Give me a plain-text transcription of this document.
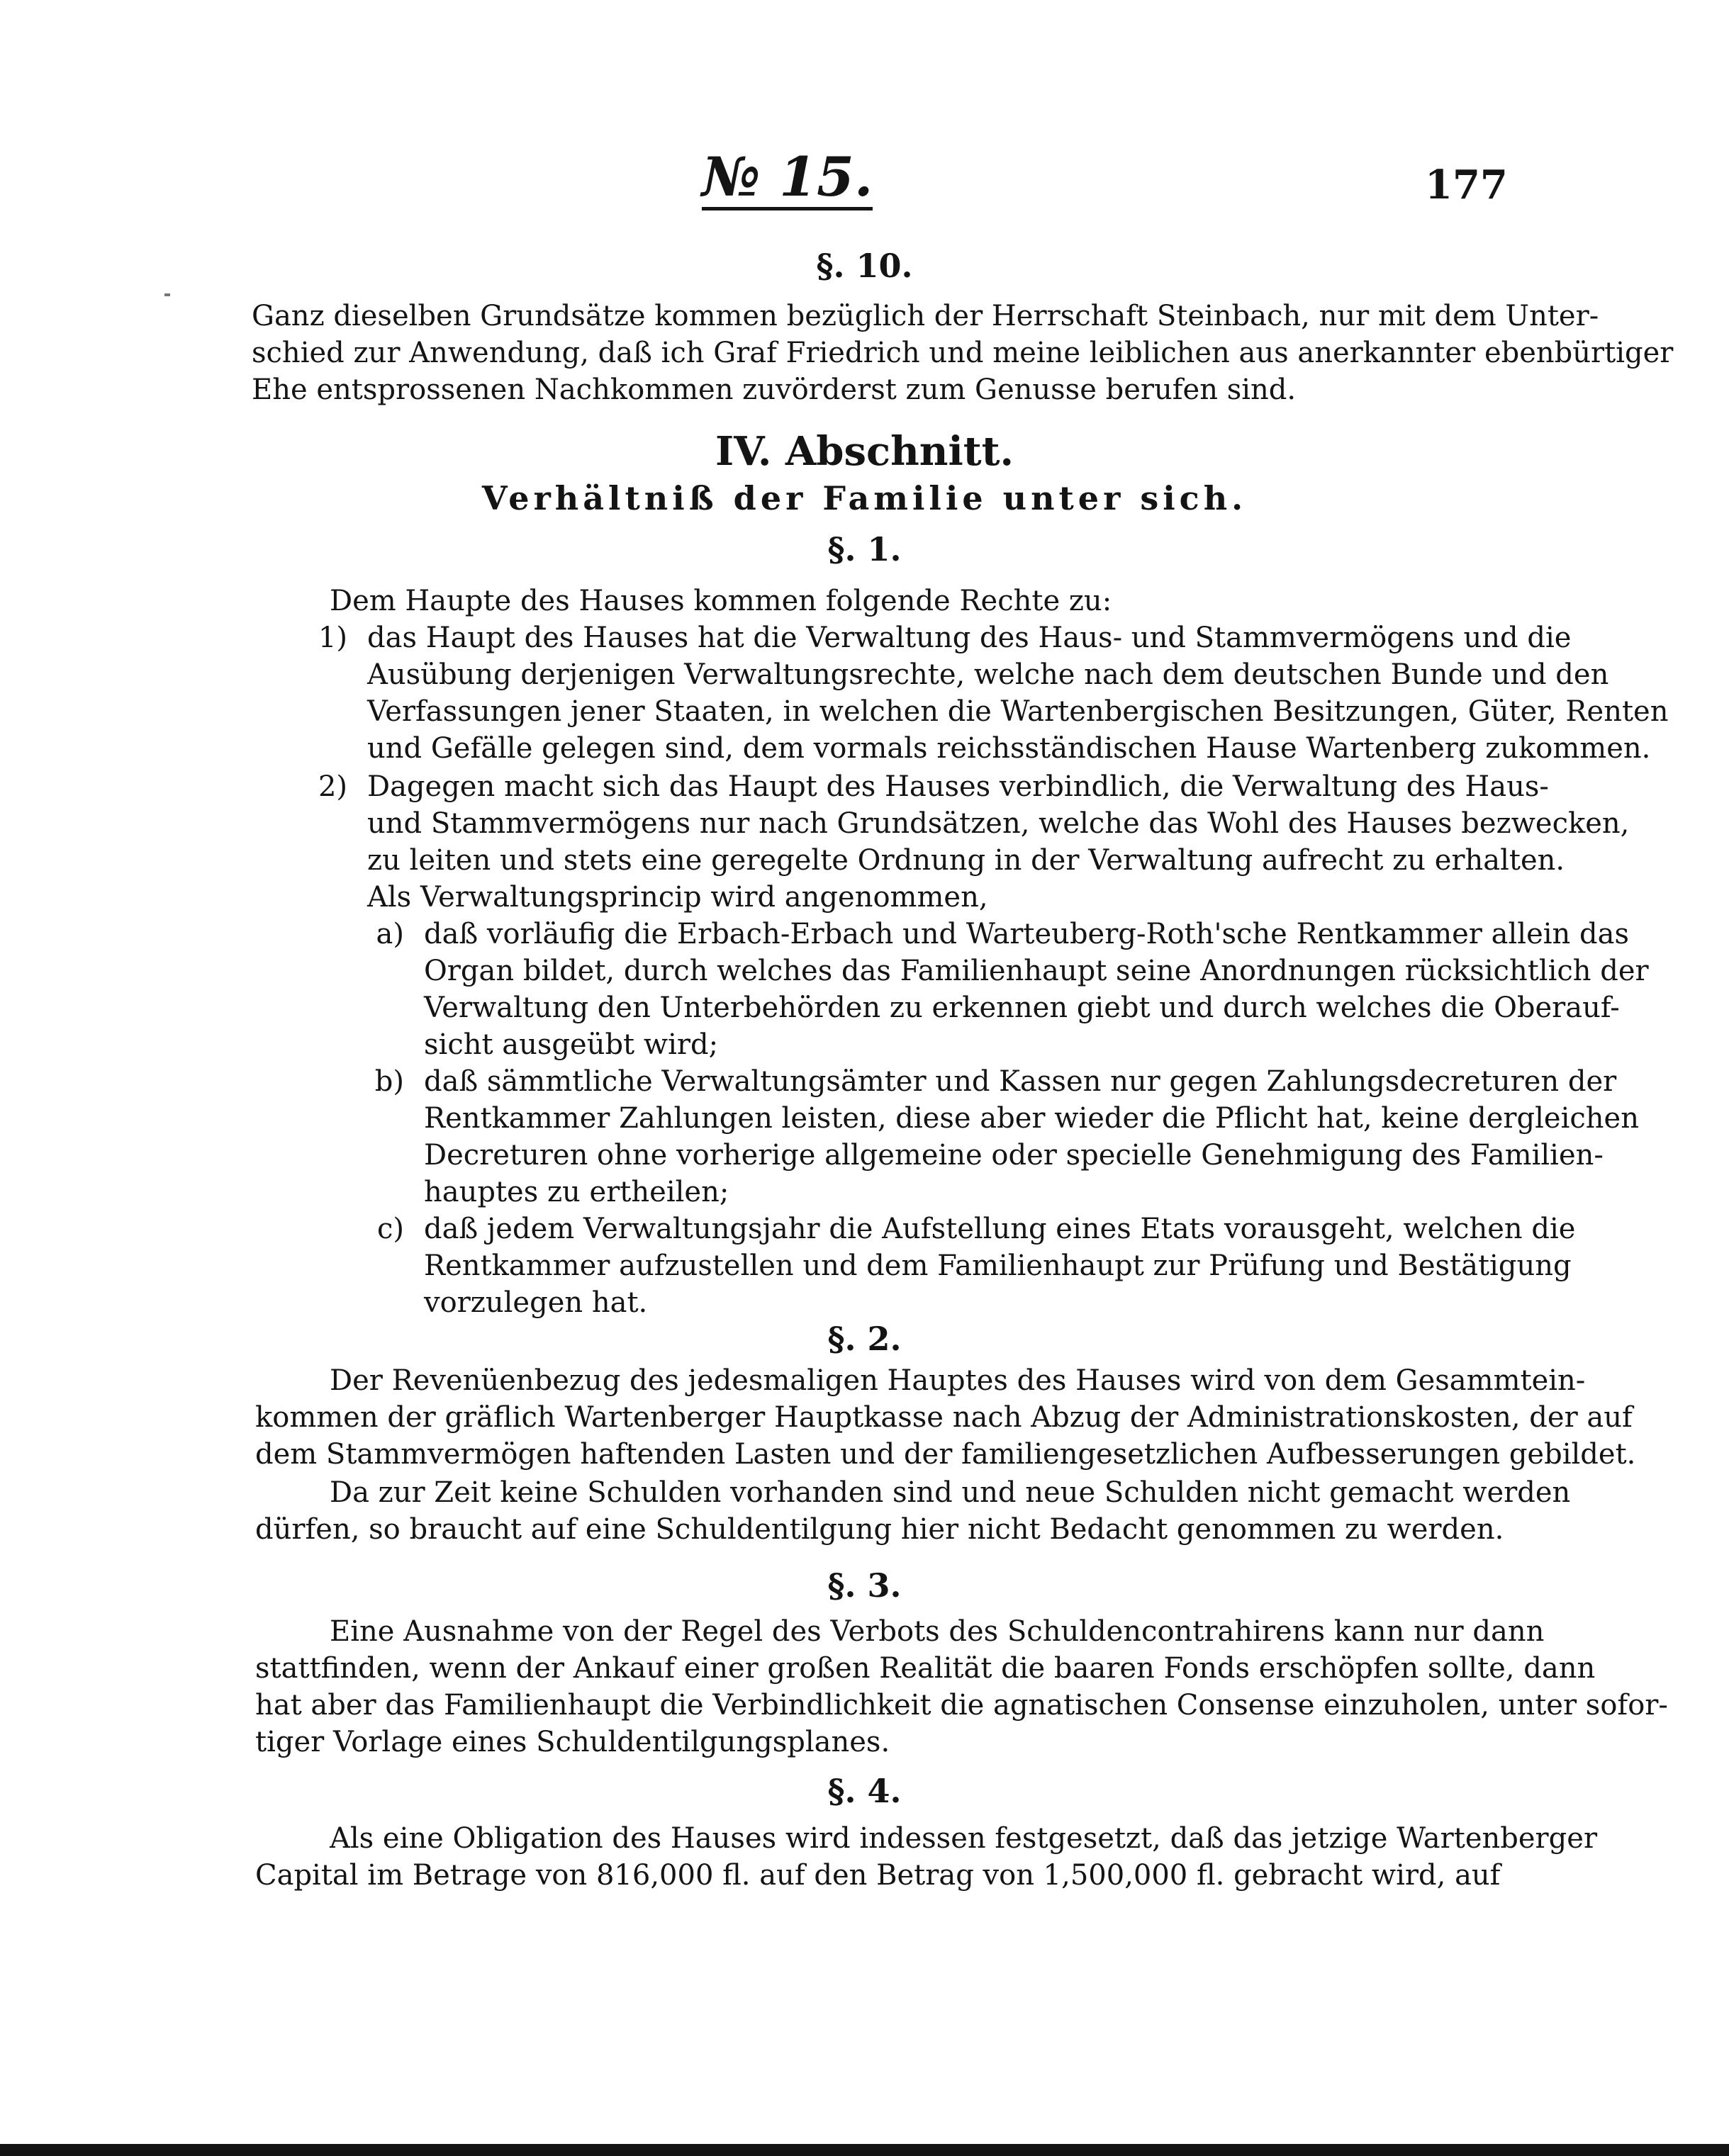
№ 15.	177
§. 10.
Ganz dieselben Grundsätze kommen bezüglich der Herrschaft Steinbach, nur mit dem Unter-
schied zur Anwendung, daß ich Graf Friedrich und meine leiblichen aus anerkannter ebenbürtiger
Ehe entsprossenen Nachkommen zuvörderst zum Genusse berufen sind.
IV. Abschnitt.
Verhältniß der Familie unter sich.
§. 1.
Dem Haupte des Hauses kommen folgende Rechte zu:
1) das Haupt des Hauses hat die Verwaltung des Haus- und Stammvermögens und die
Ausübung derjenigen Verwaltungsrechte, welche nach dem deutschen Bunde und den
Verfassungen jener Staaten, in welchen die Wartenbergischen Besitzungen, Güter, Renten
und Gefälle gelegen sind, dem vormals reichsständischen Hause Wartenberg zukommen.
2) Dagegen macht sich das Haupt des Hauses verbindlich, die Verwaltung des Haus-
und Stammvermögens nur nach Grundsätzen, welche das Wohl des Hauses bezwecken,
zu leiten und stets eine geregelte Ordnung in der Verwaltung aufrecht zu erhalten.
Als Verwaltungsprincip wird angenommen,
a) daß vorläufig die Erbach-Erbach und Warteuberg-Roth'sche Rentkammer allein das
Organ bildet, durch welches das Familienhaupt seine Anordnungen rücksichtlich der
Verwaltung den Unterbehörden zu erkennen giebt und durch welches die Oberauf-
sicht ausgeübt wird;
b) daß sämmtliche Verwaltungsämter und Kassen nur gegen Zahlungsdecreturen der
Rentkammer Zahlungen leisten, diese aber wieder die Pflicht hat, keine dergleichen
Decreturen ohne vorherige allgemeine oder specielle Genehmigung des Familien-
hauptes zu ertheilen;
c) daß jedem Verwaltungsjahr die Aufstellung eines Etats vorausgeht, welchen die
Rentkammer aufzustellen und dem Familienhaupt zur Prüfung und Bestätigung
vorzulegen hat.
§. 2.
Der Revenüenbezug des jedesmaligen Hauptes des Hauses wird von dem Gesammtein-
kommen der gräflich Wartenberger Hauptkasse nach Abzug der Administrationskosten, der auf
dem Stammvermögen haftenden Lasten und der familiengesetzlichen Aufbesserungen gebildet.
Da zur Zeit keine Schulden vorhanden sind und neue Schulden nicht gemacht werden
dürfen, so braucht auf eine Schuldentilgung hier nicht Bedacht genommen zu werden.
§. 3.
Eine Ausnahme von der Regel des Verbots des Schuldencontrahirens kann nur dann
stattfinden, wenn der Ankauf einer großen Realität die baaren Fonds erschöpfen sollte, dann
hat aber das Familienhaupt die Verbindlichkeit die agnatischen Consense einzuholen, unter sofor-
tiger Vorlage eines Schuldentilgungsplanes.
§. 4.
Als eine Obligation des Hauses wird indessen festgesetzt, daß das jetzige Wartenberger
Capital im Betrage von 816,000 fl. auf den Betrag von 1,500,000 fl. gebracht wird, auf
